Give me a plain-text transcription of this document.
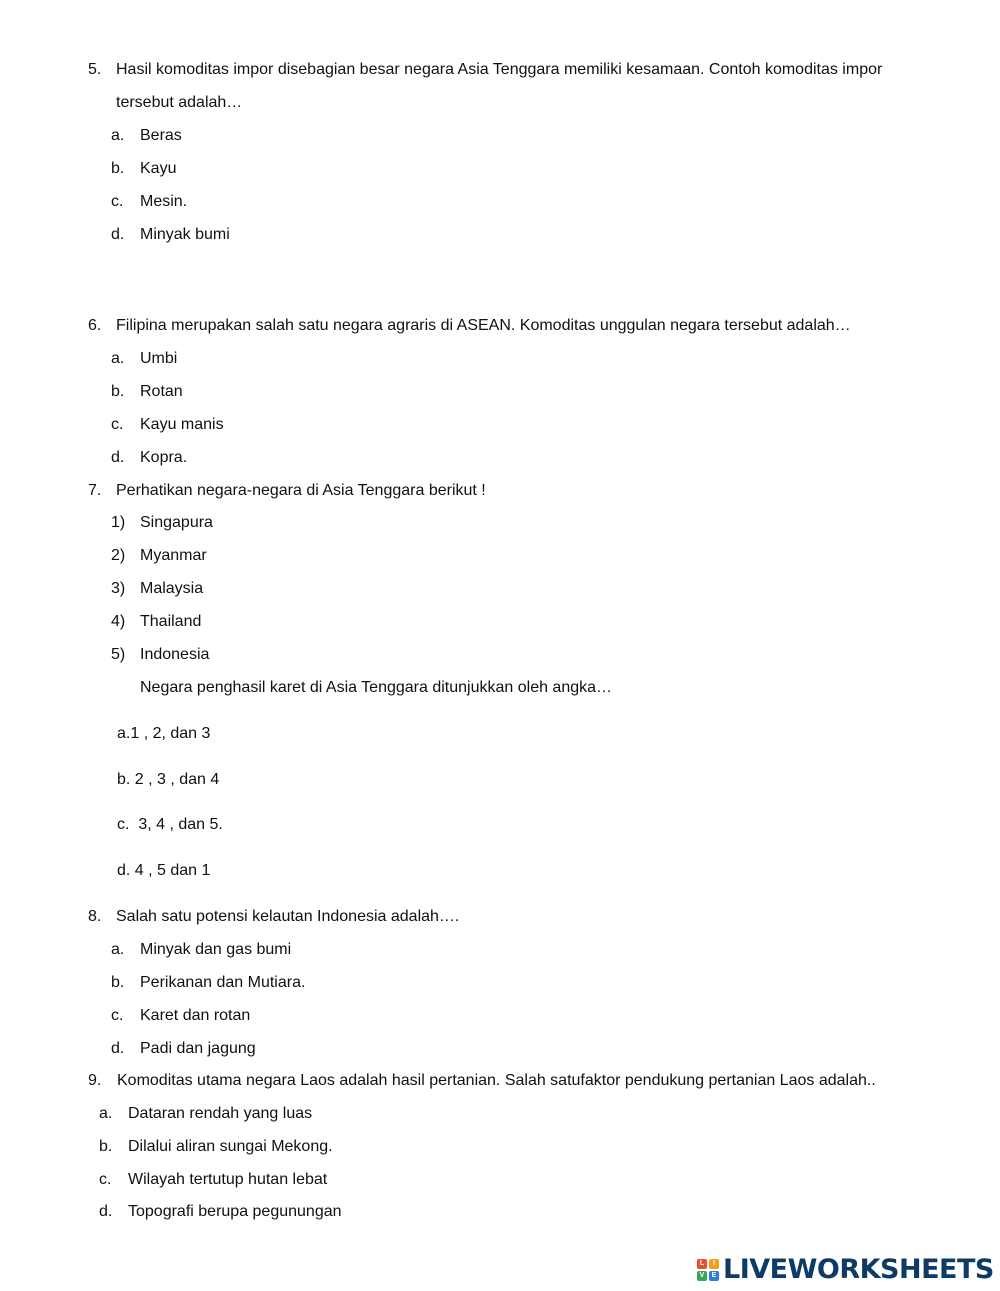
5. Hasil komoditas impor disebagian besar negara Asia Tenggara memiliki kesamaan. Contoh komoditas impor
tersebut adalah…
a. Beras
b. Kayu
c. Mesin.
d. Minyak bumi
6. Filipina merupakan salah satu negara agraris di ASEAN. Komoditas unggulan negara tersebut adalah…
a. Umbi
b. Rotan
c. Kayu manis
d. Kopra.
7. Perhatikan negara-negara di Asia Tenggara berikut !
1) Singapura
2) Myanmar
3) Malaysia
4) Thailand
5) Indonesia
Negara penghasil karet di Asia Tenggara ditunjukkan oleh angka…
a.1 , 2, dan 3
b. 2 , 3 , dan 4
c.  3, 4 , dan 5.
d. 4 , 5 dan 1
8. Salah satu potensi kelautan Indonesia adalah….
a. Minyak dan gas bumi
b. Perikanan dan Mutiara.
c. Karet dan rotan
d. Padi dan jagung
9. Komoditas utama negara Laos adalah hasil pertanian. Salah satufaktor pendukung pertanian Laos adalah..
a. Dataran rendah yang luas
b. Dilalui aliran sungai Mekong.
c. Wilayah tertutup hutan lebat
d. Topografi berupa pegunungan
L	I
V	E LIVEWORKSHEETS
